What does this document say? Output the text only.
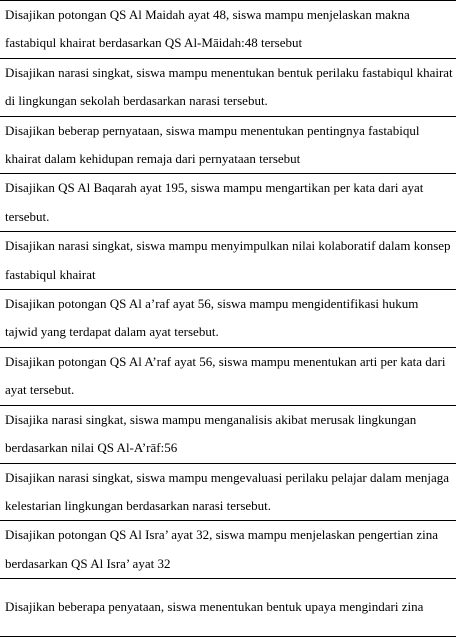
Disajikan potongan QS Al Maidah ayat 48, siswa mampu menjelaskan makna fastabiqul khairat berdasarkan QS Al-Māidah:48 tersebut
Disajikan narasi singkat, siswa mampu menentukan bentuk perilaku fastabiqul khairat di lingkungan sekolah berdasarkan narasi tersebut.
Disajikan beberap pernyataan, siswa mampu menentukan pentingnya fastabiqul khairat dalam kehidupan remaja dari pernyataan tersebut
Disajikan QS Al Baqarah ayat 195, siswa mampu mengartikan per kata dari ayat tersebut.
Disajikan narasi singkat, siswa mampu menyimpulkan nilai kolaboratif dalam konsep fastabiqul khairat
Disajikan potongan QS Al a’raf ayat 56, siswa mampu mengidentifikasi hukum tajwid yang terdapat dalam ayat tersebut.
Disajikan potongan QS Al A’raf ayat 56, siswa mampu menentukan arti per kata dari ayat tersebut.
Disajika narasi singkat, siswa mampu menganalisis akibat merusak lingkungan berdasarkan nilai QS Al-A’rāf:56
Disajikan narasi singkat, siswa mampu mengevaluasi perilaku pelajar dalam menjaga kelestarian lingkungan berdasarkan narasi tersebut.
Disajikan potongan QS Al Isra’ ayat 32, siswa mampu menjelaskan pengertian zina berdasarkan QS Al Isra’ ayat 32
Disajikan beberapa penyataan, siswa menentukan bentuk upaya mengindari zina
